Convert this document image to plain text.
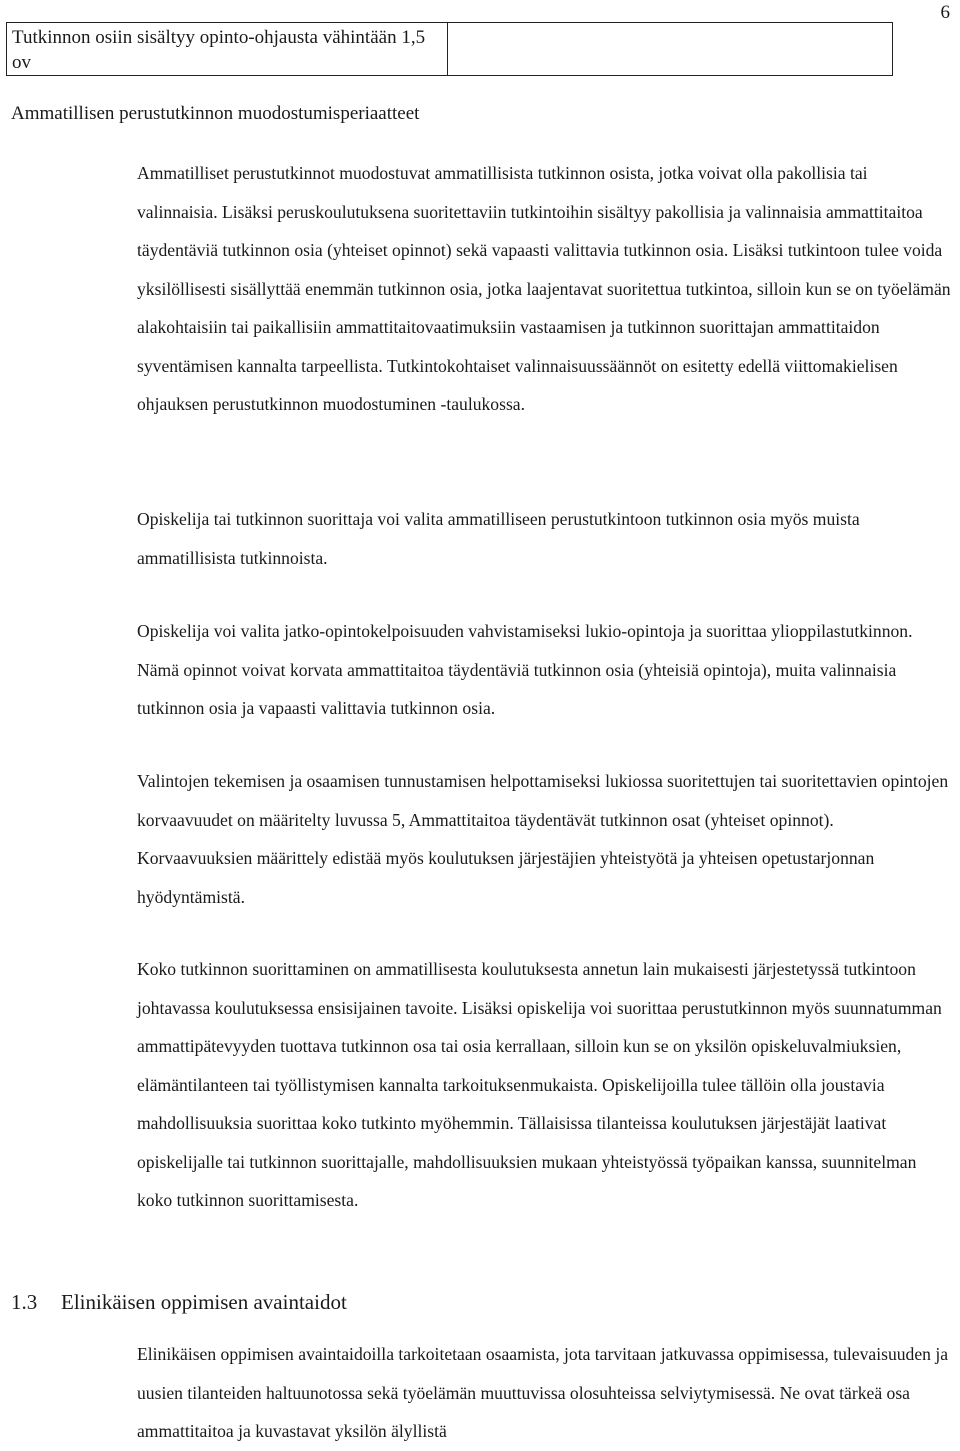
6
Tutkinnon osiin sisältyy opinto-ohjausta vähintään 1,5 ov	
Ammatillisen perustutkinnon muodostumisperiaatteet

Ammatilliset perustutkinnot muodostuvat ammatillisista tutkinnon osista, jotka voivat olla pakollisia tai valinnaisia. Lisäksi peruskoulutuksena suoritettaviin tutkintoihin sisältyy pakollisia ja valinnaisia ammattitaitoa täydentäviä tutkinnon osia (yhteiset opinnot) sekä vapaasti valittavia tutkinnon osia. Lisäksi tutkintoon tulee voida yksilöllisesti sisällyttää enemmän tutkinnon osia, jotka laajentavat suoritettua tutkintoa, silloin kun se on työelämän alakohtaisiin tai paikallisiin ammattitaitovaatimuksiin vastaamisen ja tutkinnon suorittajan ammattitaidon syventämisen kannalta tarpeellista. Tutkintokohtaiset valinnaisuussäännöt on esitetty edellä viittomakielisen ohjauksen perustutkinnon muodostuminen -taulukossa.

Opiskelija tai tutkinnon suorittaja voi valita ammatilliseen perustutkintoon tutkinnon osia myös muista ammatillisista tutkinnoista.

Opiskelija voi valita jatko-opintokelpoisuuden vahvistamiseksi lukio-opintoja ja suorittaa ylioppilastutkinnon. Nämä opinnot voivat korvata ammattitaitoa täydentäviä tutkinnon osia (yhteisiä opintoja), muita valinnaisia tutkinnon osia ja vapaasti valittavia tutkinnon osia.

Valintojen tekemisen ja osaamisen tunnustamisen helpottamiseksi lukiossa suoritettujen tai suoritettavien opintojen korvaavuudet on määritelty luvussa 5, Ammattitaitoa täydentävät tutkinnon osat (yhteiset opinnot). Korvaavuuksien määrittely edistää myös koulutuksen järjestäjien yhteistyötä ja yhteisen opetustarjonnan hyödyntämistä.

Koko tutkinnon suorittaminen on ammatillisesta koulutuksesta annetun lain mukaisesti järjestetyssä tutkintoon johtavassa koulutuksessa ensisijainen tavoite. Lisäksi opiskelija voi suorittaa perustutkinnon myös suunnatumman ammattipätevyyden tuottava tutkinnon osa tai osia kerrallaan, silloin kun se on yksilön opiskeluvalmiuksien, elämäntilanteen tai työllistymisen kannalta tarkoituksenmukaista. Opiskelijoilla tulee tällöin olla joustavia mahdollisuuksia suorittaa koko tutkinto myöhemmin. Tällaisissa tilanteissa koulutuksen järjestäjät laativat opiskelijalle tai tutkinnon suorittajalle, mahdollisuuksien mukaan yhteistyössä työpaikan kanssa, suunnitelman koko tutkinnon suorittamisesta.

1.3 Elinikäisen oppimisen avaintaidot

Elinikäisen oppimisen avaintaidoilla tarkoitetaan osaamista, jota tarvitaan jatkuvassa oppimisessa, tulevaisuuden ja uusien tilanteiden haltuunotossa sekä työelämän muuttuvissa olosuhteissa selviytymisessä. Ne ovat tärkeä osa ammattitaitoa ja kuvastavat yksilön älyllistä
